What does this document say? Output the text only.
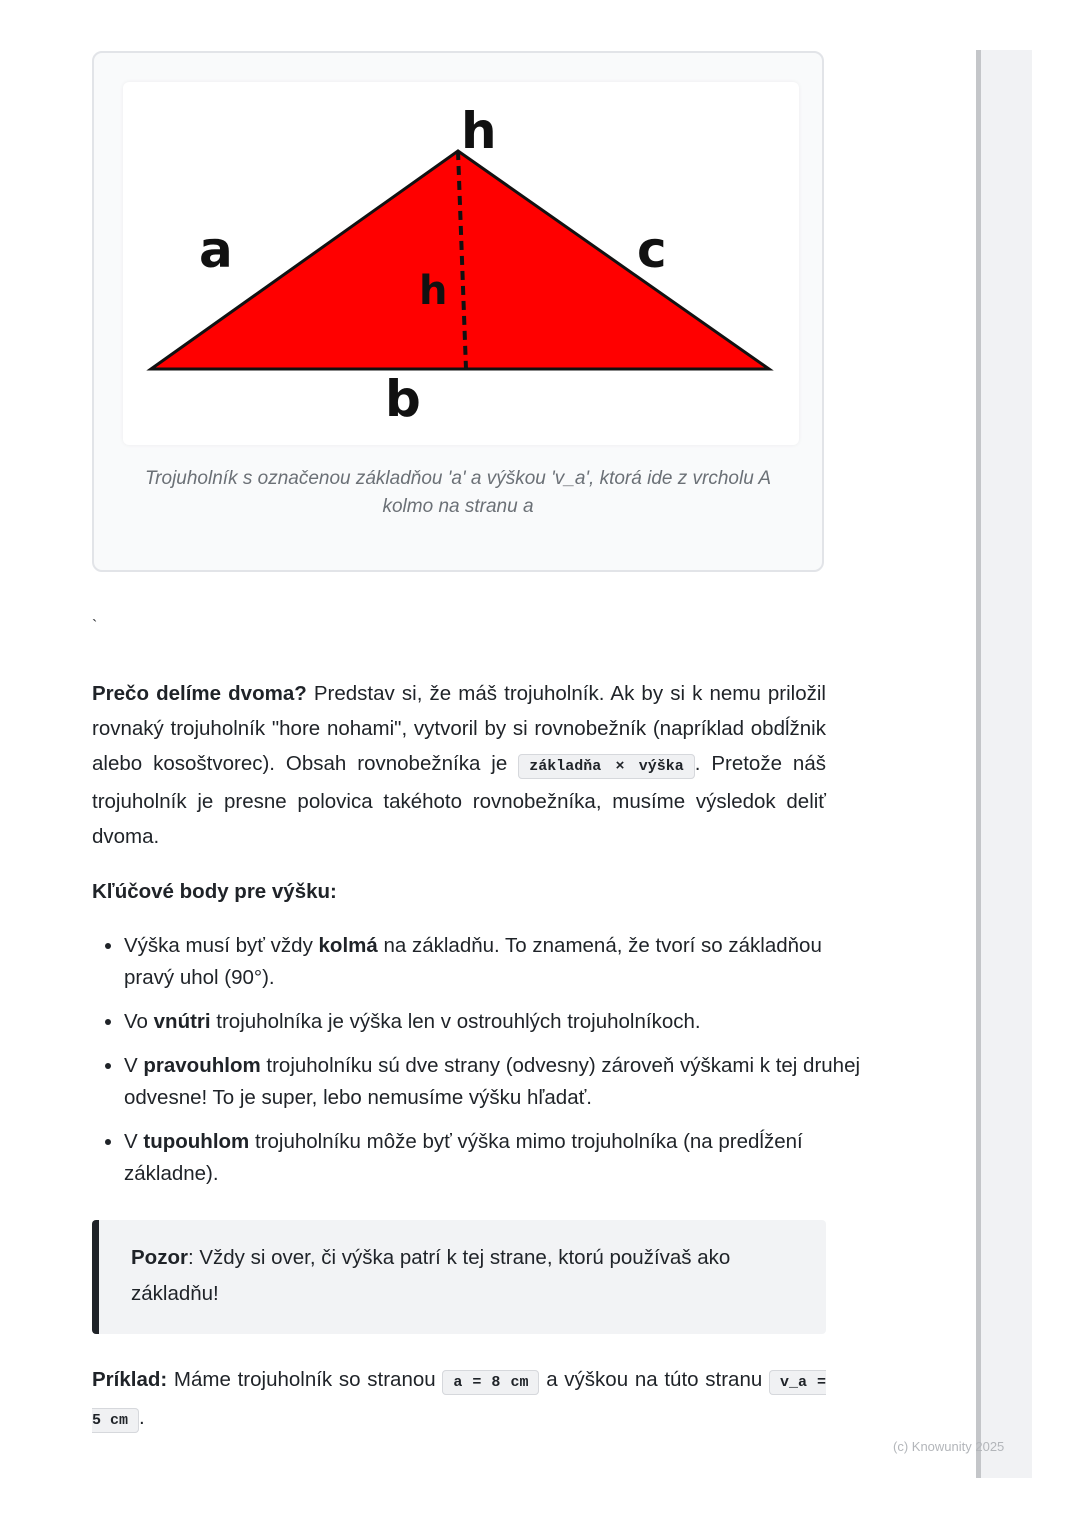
h
a	c
h
b
Trojuholník s označenou základňou 'a' a výškou 'v_a', ktorá ide z vrcholu A kolmo na stranu a
`
Prečo delíme dvoma? Predstav si, že máš trojuholník. Ak by si k nemu priložil rovnaký trojuholník "hore nohami", vytvoril by si rovnobežník (napríklad obdĺžnik alebo kosoštvorec). Obsah rovnobežníka je základňa × výška . Pretože náš trojuholník je presne polovica takéhoto rovnobežníka, musíme výsledok deliť dvoma.
Kľúčové body pre výšku:
• Výška musí byť vždy kolmá na základňu. To znamená, že tvorí so základňou pravý uhol (90°).
• Vo vnútri trojuholníka je výška len v ostrouhlých trojuholníkoch.
• V pravouhlom trojuholníku sú dve strany (odvesny) zároveň výškami k tej druhej odvesne! To je super, lebo nemusíme výšku hľadať.
• V tupouhlom trojuholníku môže byť výška mimo trojuholníka (na predĺžení základne).
Pozor: Vždy si over, či výška patrí k tej strane, ktorú používaš ako základňu!
Príklad: Máme trojuholník so stranou a = 8 cm a výškou na túto stranu v_a = 5 cm .
(c) Knowunity 2025
